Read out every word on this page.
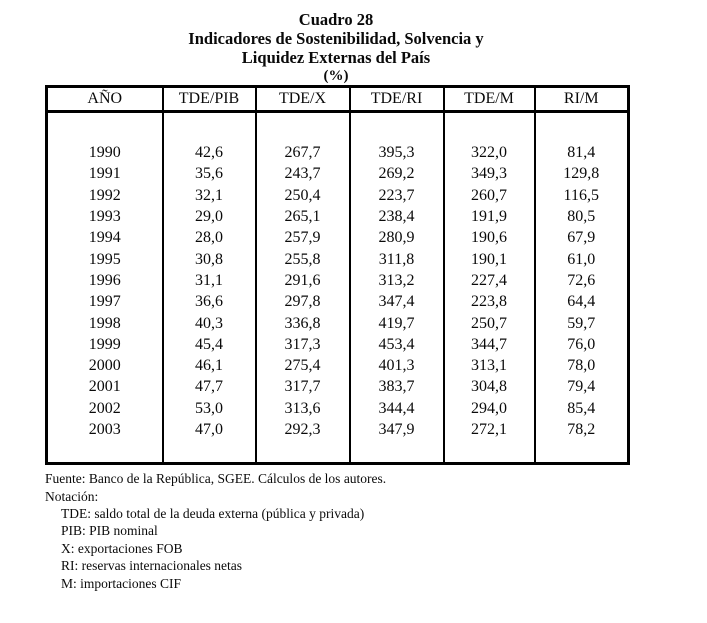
Cuadro 28
Indicadores de Sostenibilidad, Solvencia y
Liquidez Externas del País
(%)
AÑO	TDE/PIB	TDE/X	TDE/RI	TDE/M	RI/M

1990	42,6	267,7	395,3	322,0	81,4
1991	35,6	243,7	269,2	349,3	129,8
1992	32,1	250,4	223,7	260,7	116,5
1993	29,0	265,1	238,4	191,9	80,5
1994	28,0	257,9	280,9	190,6	67,9
1995	30,8	255,8	311,8	190,1	61,0
1996	31,1	291,6	313,2	227,4	72,6
1997	36,6	297,8	347,4	223,8	64,4
1998	40,3	336,8	419,7	250,7	59,7
1999	45,4	317,3	453,4	344,7	76,0
2000	46,1	275,4	401,3	313,1	78,0
2001	47,7	317,7	383,7	304,8	79,4
2002	53,0	313,6	344,4	294,0	85,4
2003	47,0	292,3	347,9	272,1	78,2

Fuente: Banco de la República, SGEE. Cálculos de los autores.
Notación:
TDE: saldo total de la deuda externa (pública y privada)
PIB: PIB nominal
X: exportaciones FOB
RI: reservas internacionales netas
M: importaciones CIF
